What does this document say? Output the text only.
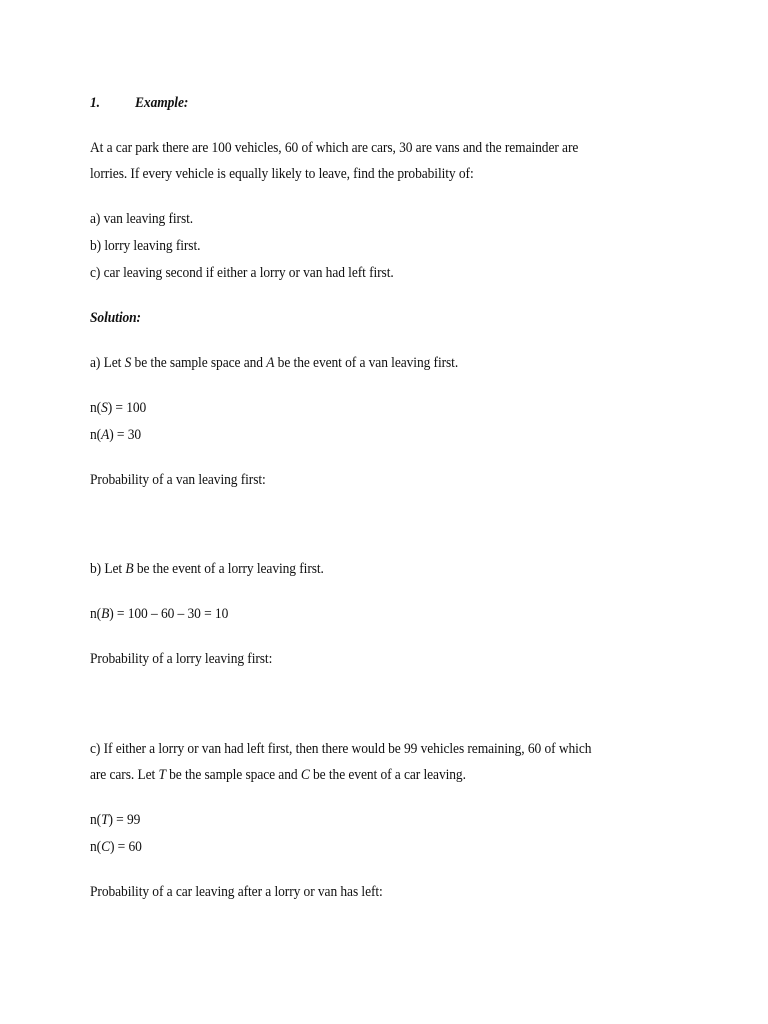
1. Example:
At a car park there are 100 vehicles, 60 of which are cars, 30 are vans and the remainder are
lorries. If every vehicle is equally likely to leave, find the probability of:
a) van leaving first.
b) lorry leaving first.
c) car leaving second if either a lorry or van had left first.
Solution:
a) Let S be the sample space and A be the event of a van leaving first.
n(S) = 100
n(A) = 30
Probability of a van leaving first:
b) Let B be the event of a lorry leaving first.
n(B) = 100 – 60 – 30 = 10
Probability of a lorry leaving first:
c) If either a lorry or van had left first, then there would be 99 vehicles remaining, 60 of which
are cars. Let T be the sample space and C be the event of a car leaving.
n(T) = 99
n(C) = 60
Probability of a car leaving after a lorry or van has left:
